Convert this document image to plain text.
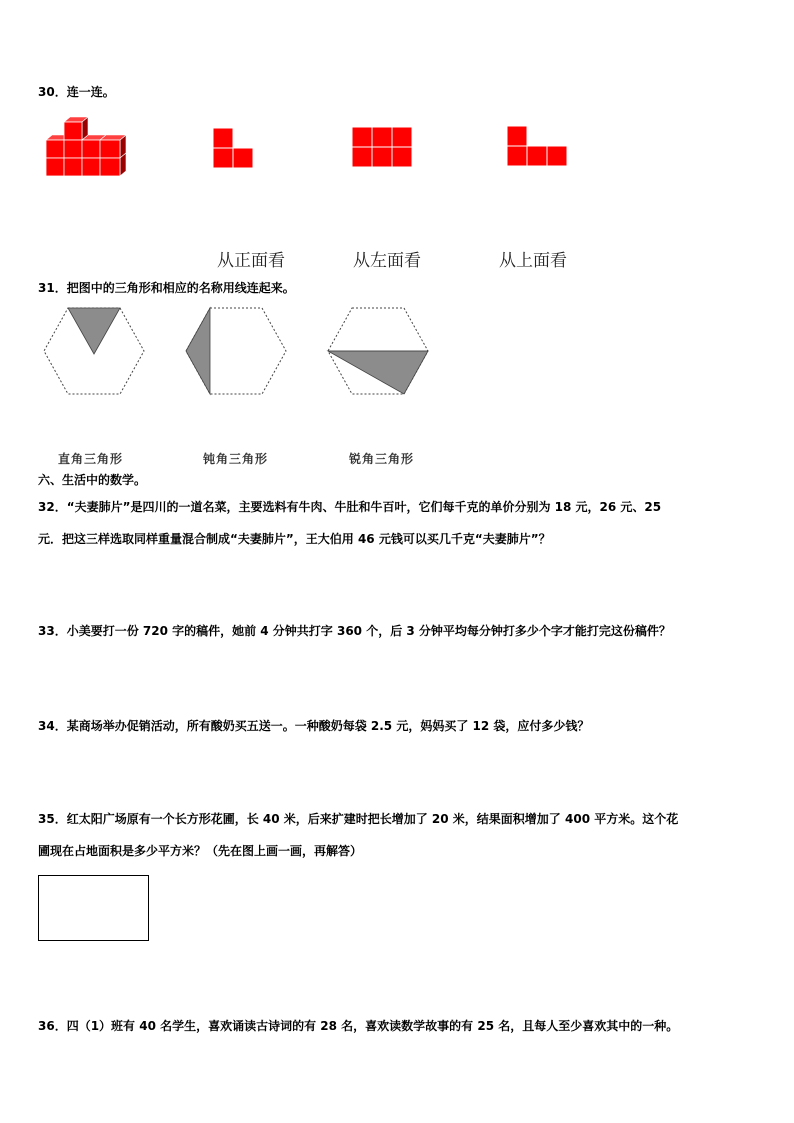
30．连一连。
从正面看	从左面看	从上面看
31．把图中的三角形和相应的名称用线连起来。
直角三角形	钝角三角形	锐角三角形
六、生活中的数学。
32．“夫妻肺片”是四川的一道名菜，主要选料有牛肉、牛肚和牛百叶，它们每千克的单价分别为 18 元，26 元、25
元．把这三样选取同样重量混合制成“夫妻肺片”，王大伯用 46 元钱可以买几千克“夫妻肺片”？
33．小美要打一份 720 字的稿件，她前 4 分钟共打字 360 个，后 3 分钟平均每分钟打多少个字才能打完这份稿件？
34．某商场举办促销活动，所有酸奶买五送一。一种酸奶每袋 2.5 元，妈妈买了 12 袋，应付多少钱？
35．红太阳广场原有一个长方形花圃，长 40 米，后来扩建时把长增加了 20 米，结果面积增加了 400 平方米。这个花
圃现在占地面积是多少平方米？（先在图上画一画，再解答）
36．四（1）班有 40 名学生，喜欢诵读古诗词的有 28 名，喜欢读数学故事的有 25 名，且每人至少喜欢其中的一种。
